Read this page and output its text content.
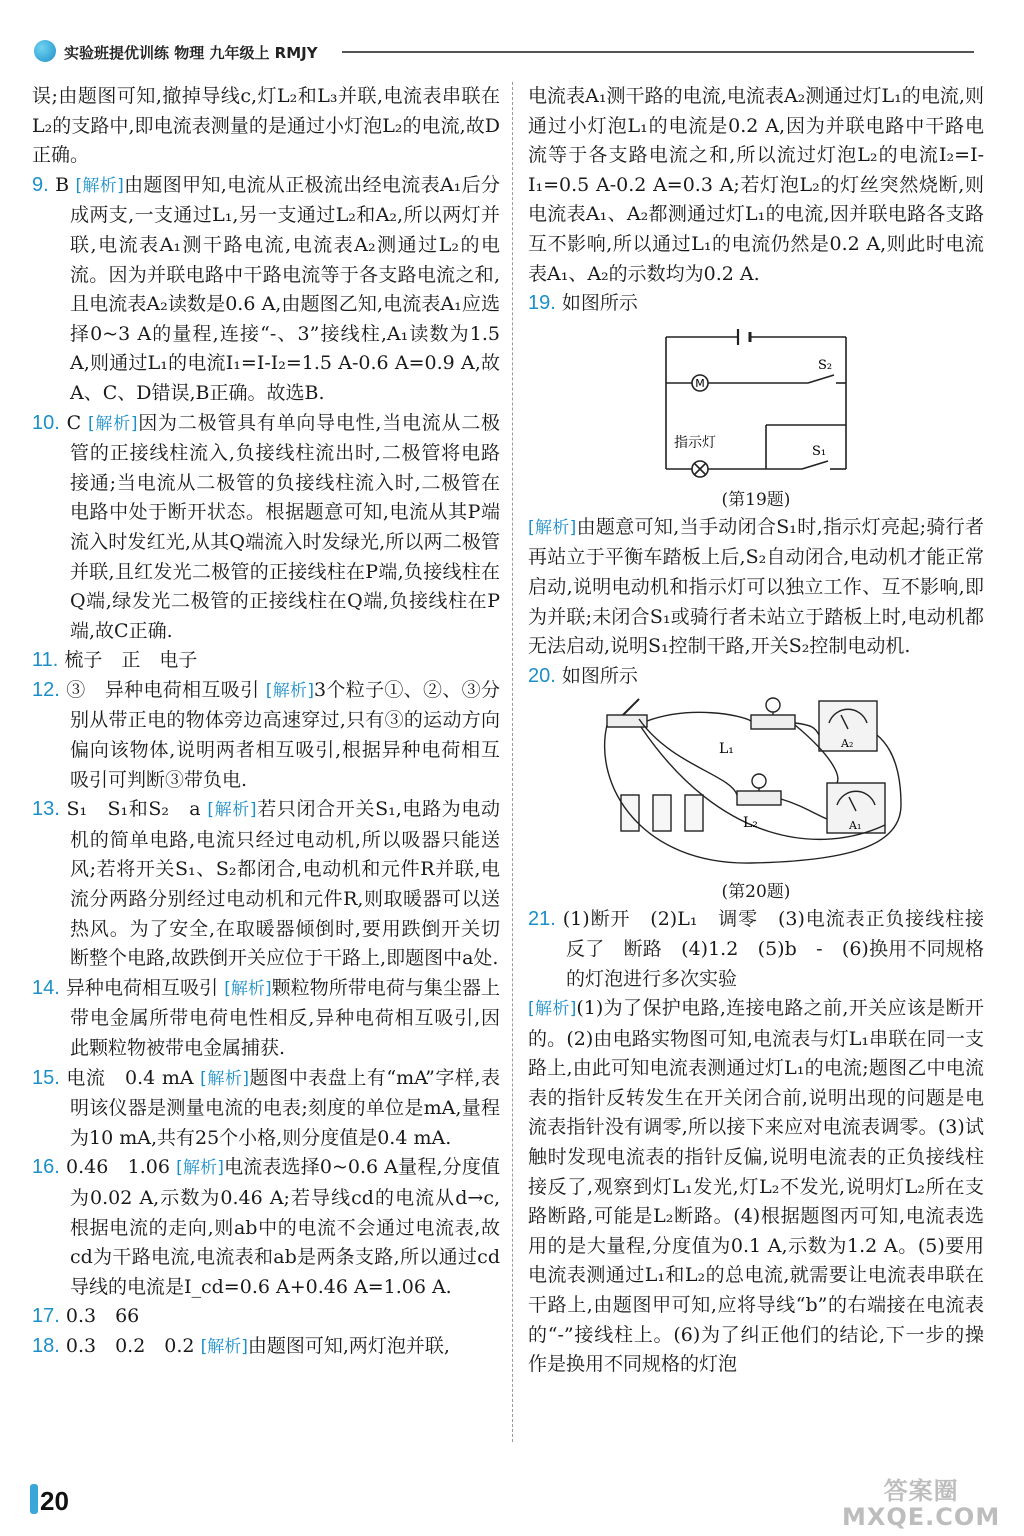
实验班提优训练 物理 九年级上 RMJY

误;由题图可知,撤掉导线c,灯L₂和L₃并联,电流表串联在L₂的支路中,即电流表测量的是通过小灯泡L₂的电流,故D正确。

9. B [解析]由题图甲知,电流从正极流出经电流表A₁后分成两支,一支通过L₁,另一支通过L₂和A₂,所以两灯并联,电流表A₁测干路电流,电流表A₂测通过L₂的电流。因为并联电路中干路电流等于各支路电流之和,且电流表A₂读数是0.6 A,由题图乙知,电流表A₁应选择0~3 A的量程,连接“-、3”接线柱,A₁读数为1.5 A,则通过L₁的电流I₁=I-I₂=1.5 A-0.6 A=0.9 A,故A、C、D错误,B正确。故选B.

10. C [解析]因为二极管具有单向导电性,当电流从二极管的正接线柱流入,负接线柱流出时,二极管将电路接通;当电流从二极管的负接线柱流入时,二极管在电路中处于断开状态。根据题意可知,电流从其P端流入时发红光,从其Q端流入时发绿光,所以两二极管并联,且红发光二极管的正接线柱在P端,负接线柱在Q端,绿发光二极管的正接线柱在Q端,负接线柱在P端,故C正确.

11. 梳子　正　电子

12. ③　异种电荷相互吸引 [解析]3个粒子①、②、③分别从带正电的物体旁边高速穿过,只有③的运动方向偏向该物体,说明两者相互吸引,根据异种电荷相互吸引可判断③带负电.

13. S₁　S₁和S₂　a [解析]若只闭合开关S₁,电路为电动机的简单电路,电流只经过电动机,所以吸器只能送风;若将开关S₁、S₂都闭合,电动机和元件R并联,电流分两路分别经过电动机和元件R,则取暖器可以送热风。为了安全,在取暖器倾倒时,要用跌倒开关切断整个电路,故跌倒开关应位于干路上,即题图中a处.

14. 异种电荷相互吸引 [解析]颗粒物所带电荷与集尘器上带电金属所带电荷电性相反,异种电荷相互吸引,因此颗粒物被带电金属捕获.

15. 电流　0.4 mA [解析]题图中表盘上有“mA”字样,表明该仪器是测量电流的电表;刻度的单位是mA,量程为10 mA,共有25个小格,则分度值是0.4 mA.

16. 0.46　1.06 [解析]电流表选择0~0.6 A量程,分度值为0.02 A,示数为0.46 A;若导线cd的电流从d→c,根据电流的走向,则ab中的电流不会通过电流表,故cd为干路电流,电流表和ab是两条支路,所以通过cd导线的电流是I_cd=0.6 A+0.46 A=1.06 A.

17. 0.3　66

18. 0.3　0.2　0.2 [解析]由题图可知,两灯泡并联,

电流表A₁测干路的电流,电流表A₂测通过灯L₁的电流,则通过小灯泡L₁的电流是0.2 A,因为并联电路中干路电流等于各支路电流之和,所以流过灯泡L₂的电流I₂=I-I₁=0.5 A-0.2 A=0.3 A;若灯泡L₂的灯丝突然烧断,则电流表A₁、A₂都测通过灯L₁的电流,因并联电路各支路互不影响,所以通过L₁的电流仍然是0.2 A,则此时电流表A₁、A₂的示数均为0.2 A.

19. 如图所示

M
S₂
S₁
指示灯
(第19题)

[解析]由题意可知,当手动闭合S₁时,指示灯亮起;骑行者再站立于平衡车踏板上后,S₂自动闭合,电动机才能正常启动,说明电动机和指示灯可以独立工作、互不影响,即为并联;未闭合S₁或骑行者未站立于踏板上时,电动机都无法启动,说明S₁控制干路,开关S₂控制电动机.

20. 如图所示

L₁
L₂
A₂
A₁
(第20题)

21. (1)断开　(2)L₁　调零　(3)电流表正负接线柱接反了　断路　(4)1.2　(5)b　-　(6)换用不同规格的灯泡进行多次实验

[解析](1)为了保护电路,连接电路之前,开关应该是断开的。(2)由电路实物图可知,电流表与灯L₁串联在同一支路上,由此可知电流表测通过灯L₁的电流;题图乙中电流表的指针反转发生在开关闭合前,说明出现的问题是电流表指针没有调零,所以接下来应对电流表调零。(3)试触时发现电流表的指针反偏,说明电流表的正负接线柱接反了,观察到灯L₁发光,灯L₂不发光,说明灯L₂所在支路断路,可能是L₂断路。(4)根据题图丙可知,电流表选用的是大量程,分度值为0.1 A,示数为1.2 A。(5)要用电流表测通过L₁和L₂的总电流,就需要让电流表串联在干路上,由题图甲可知,应将导线“b”的右端接在电流表的“-”接线柱上。(6)为了纠正他们的结论,下一步的操作是换用不同规格的灯泡

20	答案圈
MXQE.COM
